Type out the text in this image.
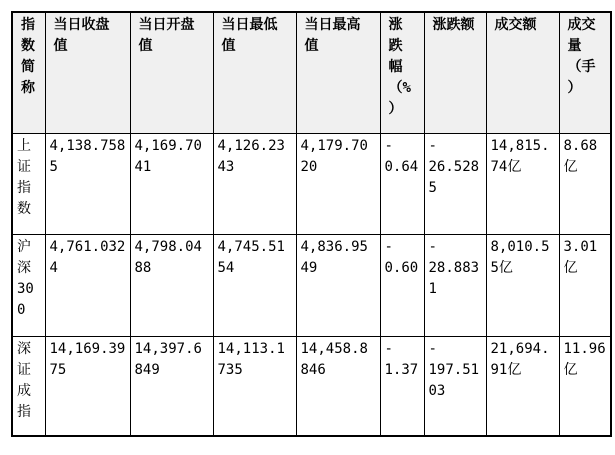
指数简称	当日收盘值	当日开盘值	当日最低值	当日最高值	涨跌幅（%）	涨跌额	成交额	成交量（手）
上证指数	4,138.7585	4,169.7041	4,126.2343	4,179.7020	-0.64	-26.5285	14,815.74亿	8.68亿
沪深300	4,761.0324	4,798.0488	4,745.5154	4,836.9549	-0.60	-28.8831	8,010.55亿	3.01亿
深证成指	14,169.3975	14,397.6849	14,113.1735	14,458.8846	-1.37	-197.5103	21,694.91亿	11.96亿
